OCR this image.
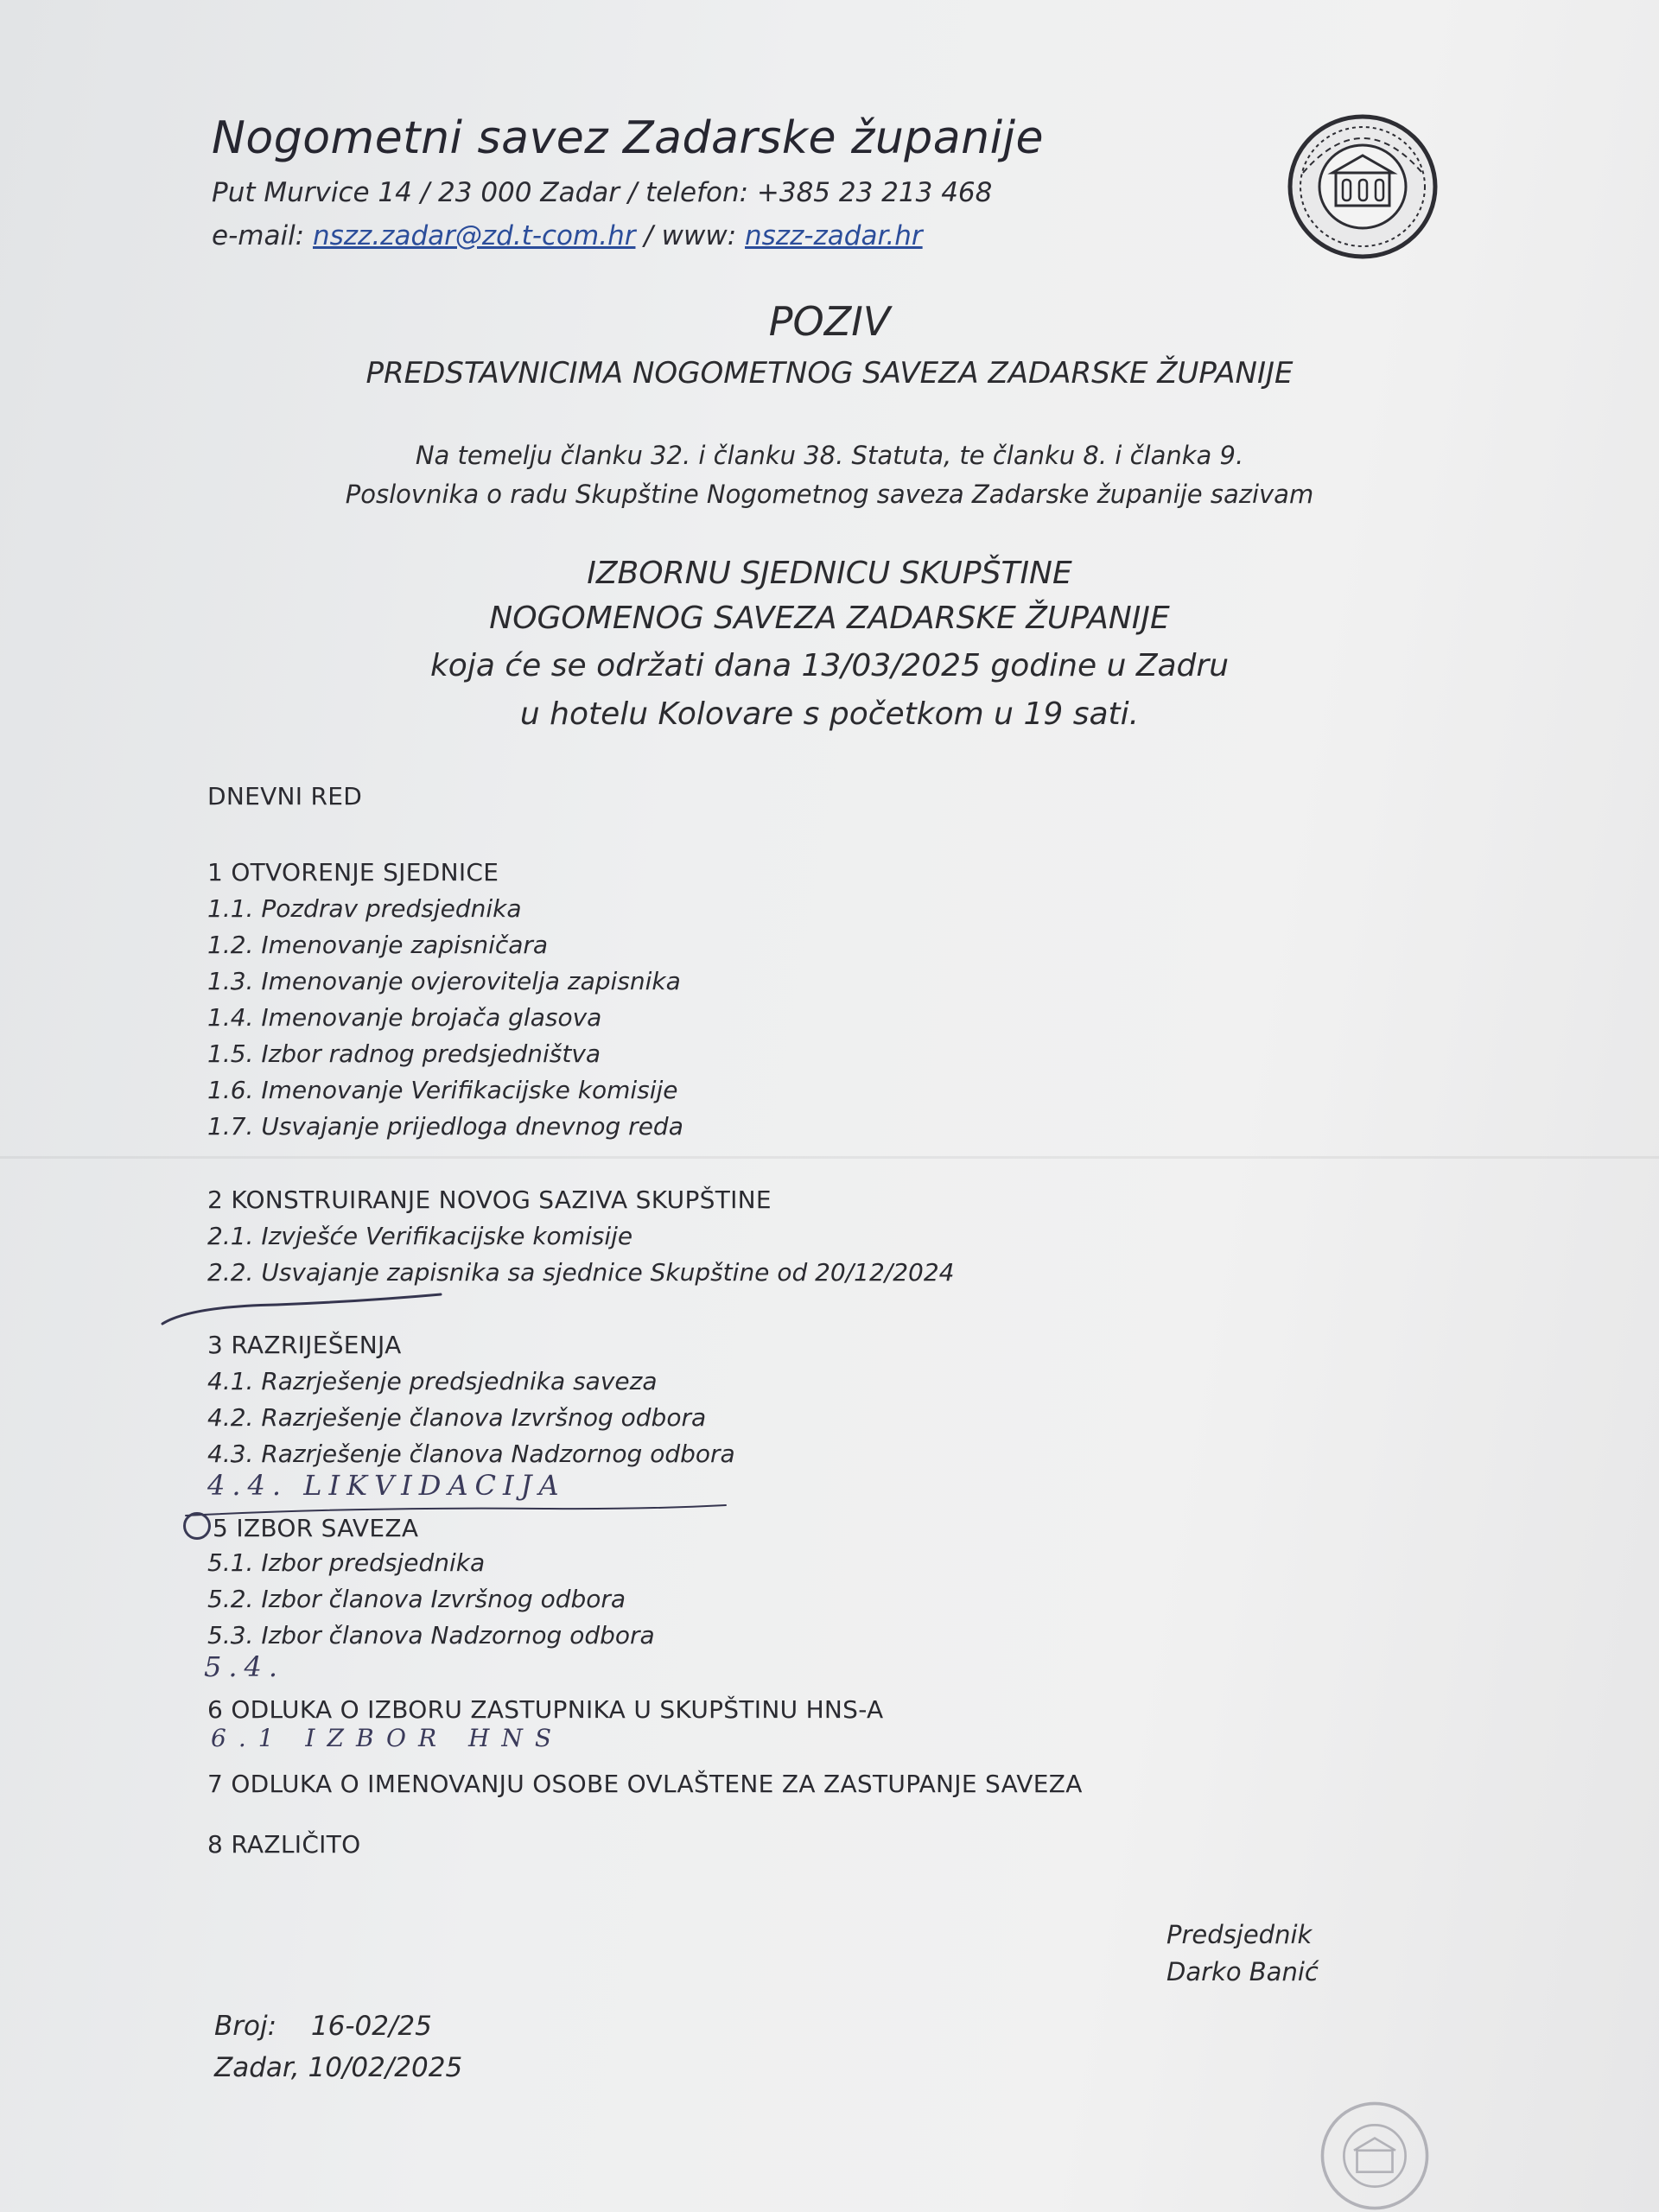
Nogometni savez Zadarske županije
Put Murvice 14 / 23 000 Zadar / telefon: +385 23 213 468
e-mail: nszz.zadar@zd.t-com.hr / www: nszz-zadar.hr
POZIV
PREDSTAVNICIMA NOGOMETNOG SAVEZA ZADARSKE ŽUPANIJE
Na temelju članku 32. i članku 38. Statuta, te članku 8. i članka 9.
Poslovnika o radu Skupštine Nogometnog saveza Zadarske županije sazivam
IZBORNU SJEDNICU SKUPŠTINE
NOGOMENOG SAVEZA ZADARSKE ŽUPANIJE
koja će se održati dana 13/03/2025 godine u Zadru
u hotelu Kolovare s početkom u 19 sati.
DNEVNI RED
1 OTVORENJE SJEDNICE
1.1. Pozdrav predsjednika
1.2. Imenovanje zapisničara
1.3. Imenovanje ovjerovitelja zapisnika
1.4. Imenovanje brojača glasova
1.5. Izbor radnog predsjedništva
1.6. Imenovanje Verifikacijske komisije
1.7. Usvajanje prijedloga dnevnog reda
2 KONSTRUIRANJE NOVOG SAZIVA SKUPŠTINE
2.1. Izvješće Verifikacijske komisije
2.2. Usvajanje zapisnika sa sjednice Skupštine od 20/12/2024
3 RAZRIJEŠENJA
4.1. Razrješenje predsjednika saveza
4.2. Razrješenje članova Izvršnog odbora
4.3. Razrješenje članova Nadzornog odbora
4.4. LIKVIDACIJA
5 IZBOR SAVEZA
5.1. Izbor predsjednika
5.2. Izbor članova Izvršnog odbora
5.3. Izbor članova Nadzornog odbora
5.4.
6 ODLUKA O IZBORU ZASTUPNIKA U SKUPŠTINU HNS-A
6.1 IZBOR HNS
7 ODLUKA O IMENOVANJU OSOBE OVLAŠTENE ZA ZASTUPANJE SAVEZA
8 RAZLIČITO
Predsjednik
Darko Banić
Broj: 16-02/25
Zadar, 10/02/2025
